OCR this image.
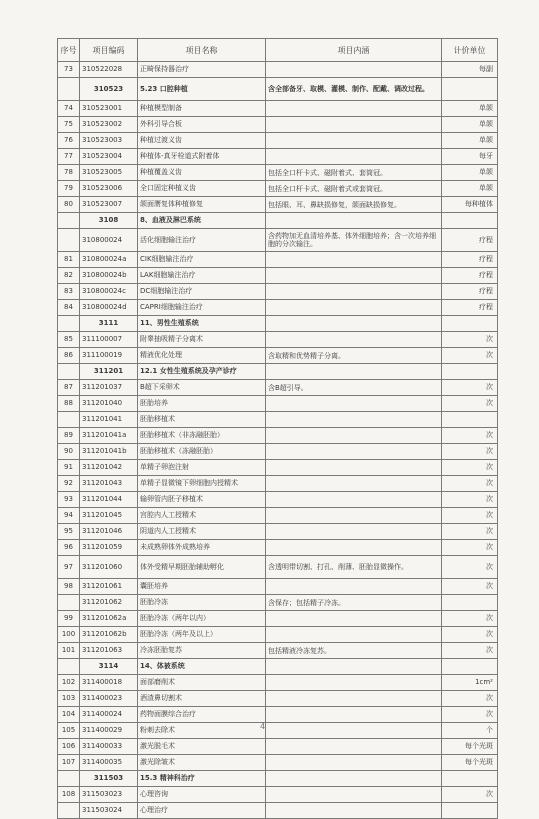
序号	项目编码	项目名称	项目内涵	计价单位
73	310522028	正畸保持器治疗		每副
	310523	5.23 口腔种植	含全部备牙、取模、灌模、制作、配戴、调改过程。	
74	310523001	种植模型制备		单颌
75	310523002	外科引导合板		单颌
76	310523003	种植过渡义齿		单颌
77	310523004	种植体-真牙栓道式附着体		每牙
78	310523005	种植覆盖义齿	包括全口杆卡式、磁附着式、套筒冠。	单颌
79	310523006	全口固定种植义齿	包括全口杆卡式、磁附着式或套筒冠。	单颌
80	310523007	颌面赝复体种植修复	包括眼、耳、鼻缺损修复，颌面缺损修复。	每种植体
	3108	8、血液及淋巴系统		
	310800024	活化细胞输注治疗	含药物加无血清培养基、体外细胞培养；含一次培养细胞的分次输注。	疗程
81	310800024a	CIK细胞输注治疗		疗程
82	310800024b	LAK细胞输注治疗		疗程
83	310800024c	DC细胞输注治疗		疗程
84	310800024d	CAPRI细胞输注治疗		疗程
	3111	11、男性生殖系统		
85	311100007	附睾抽吸精子分离术		次
86	311100019	精液优化处理	含取精和优势精子分离。	次
	311201	12.1 女性生殖系统及孕产诊疗		
87	311201037	B超下采卵术	含B超引导。	次
88	311201040	胚胎培养		次
	311201041	胚胎移植术		
89	311201041a	胚胎移植术（非冻融胚胎）		次
90	311201041b	胚胎移植术（冻融胚胎）		次
91	311201042	单精子卵泡注射		次
92	311201043	单精子显微镜下卵细胞内授精术		次
93	311201044	输卵管内胚子移植术		次
94	311201045	宫腔内人工授精术		次
95	311201046	阴道内人工授精术		次
96	311201059	未成熟卵体外成熟培养		次
97	311201060	体外受精早期胚胎辅助孵化	含透明带切割、打孔、削薄、胚胎显微操作。	次
98	311201061	囊胚培养		次
	311201062	胚胎冷冻	含保存；包括精子冷冻。	
99	311201062a	胚胎冷冻（两年以内）		次
100	311201062b	胚胎冷冻（两年及以上）		次
101	311201063	冷冻胚胎复苏	包括精液冷冻复苏。	次
	3114	14、体被系统		
102	311400018	面部磨削术		1cm²
103	311400023	酒渣鼻切割术		次
104	311400024	药物面膜综合治疗		次
105	311400029	粉刺去除术		个
106	311400033	激光脱毛术		每个光斑
107	311400035	激光除皱术		每个光斑
	311503	15.3 精神科治疗		
108	311503023	心理咨询		次
	311503024	心理治疗		
4
